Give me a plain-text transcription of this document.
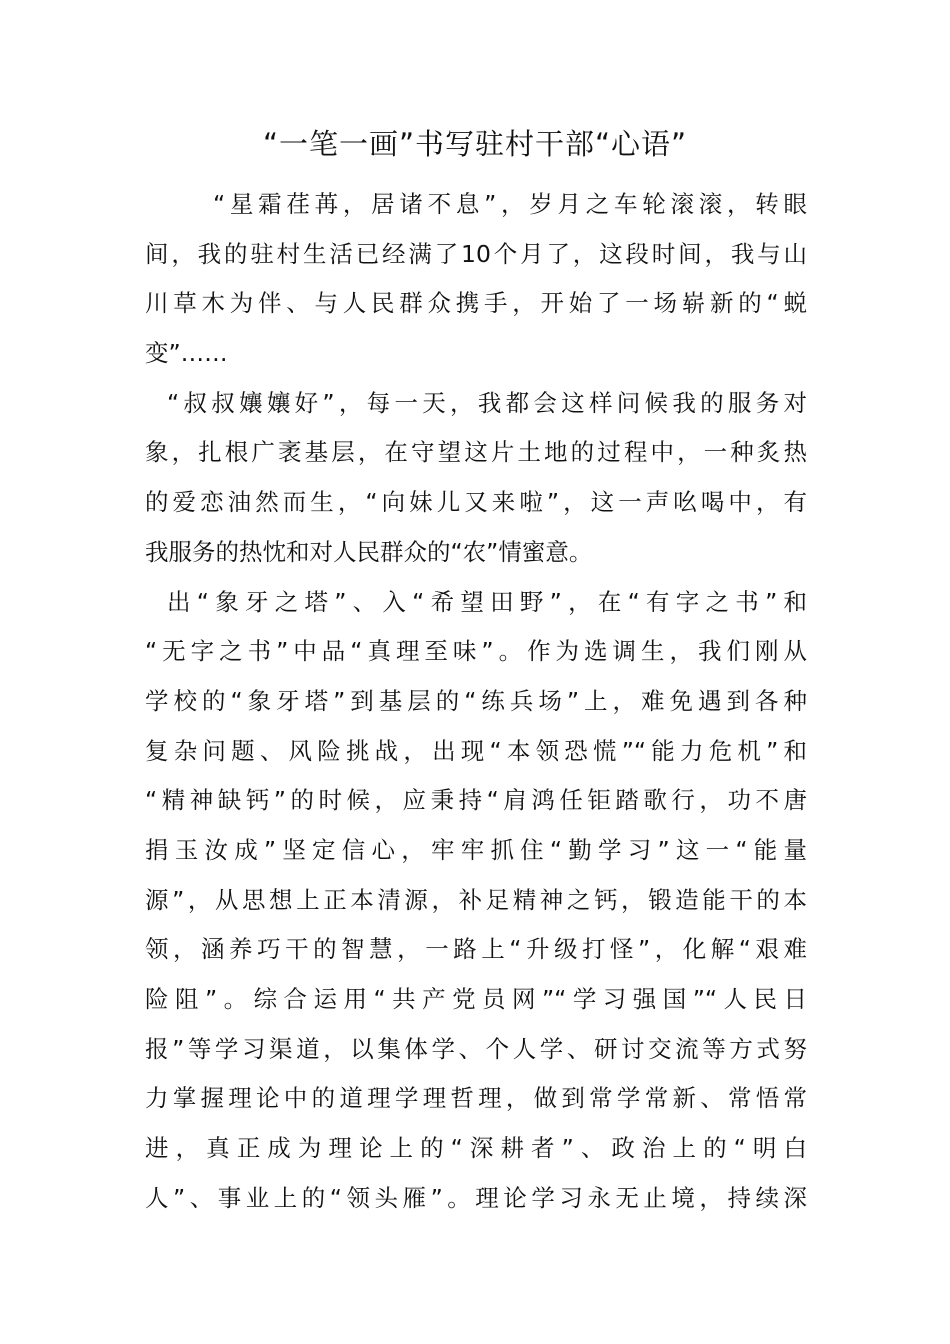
“一笔一画”书写驻村干部“心语”
“星霜荏苒，居诸不息”，岁月之车轮滚滚，转眼
间，我的驻村生活已经满了10个月了，这段时间，我与山
川草木为伴、与人民群众携手，开始了一场崭新的“蜕
变”……
“叔叔孃孃好”，每一天，我都会这样问候我的服务对
象，扎根广袤基层，在守望这片土地的过程中，一种炙热
的爱恋油然而生，“向妹儿又来啦”，这一声吆喝中，有
我服务的热忱和对人民群众的“农”情蜜意。
出“象牙之塔”、入“希望田野”，在“有字之书”和
“无字之书”中品“真理至味”。作为选调生，我们刚从
学校的“象牙塔”到基层的“练兵场”上，难免遇到各种
复杂问题、风险挑战，出现“本领恐慌”“能力危机”和
“精神缺钙”的时候，应秉持“肩鸿任钜踏歌行，功不唐
捐玉汝成”坚定信心，牢牢抓住“勤学习”这一“能量
源”，从思想上正本清源，补足精神之钙，锻造能干的本
领，涵养巧干的智慧，一路上“升级打怪”，化解“艰难
险阻”。综合运用“共产党员网”“学习强国”“人民日
报”等学习渠道，以集体学、个人学、研讨交流等方式努
力掌握理论中的道理学理哲理，做到常学常新、常悟常
进，真正成为理论上的“深耕者”、政治上的“明白
人”、事业上的“领头雁”。理论学习永无止境，持续深
